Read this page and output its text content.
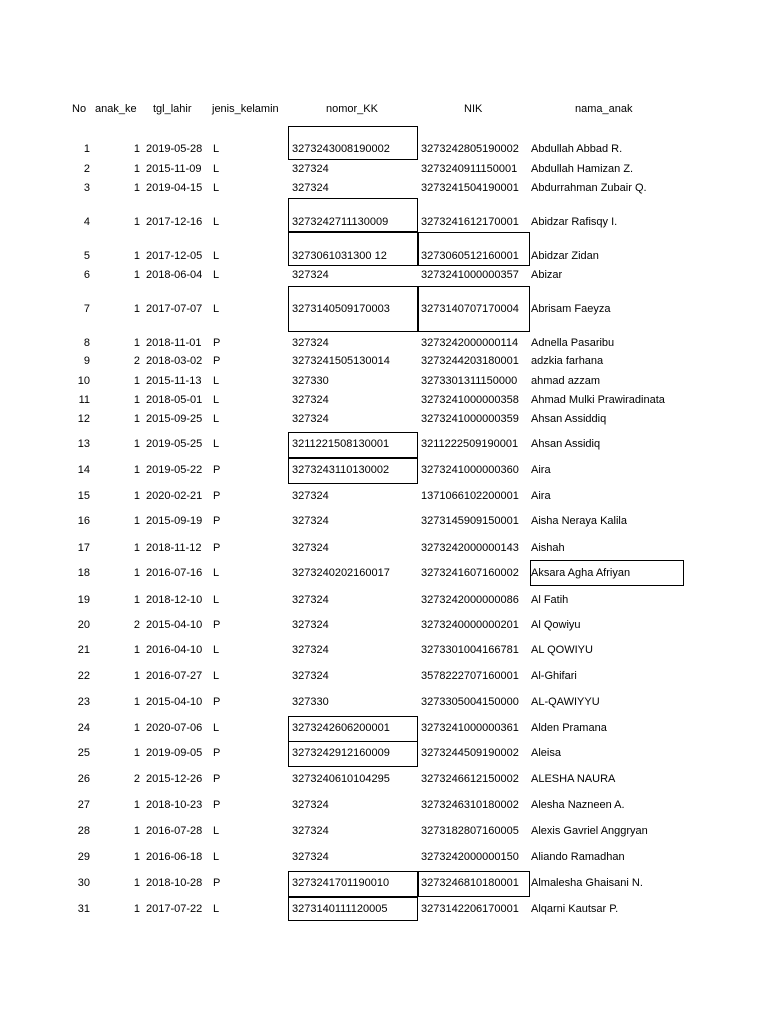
No anak_ke tgl_lahir jenis_kelamin	nomor_KK	NIK	nama_anak
1	1 2019-05-28 L	3273243008190002	3273242805190002	Abdullah Abbad R.
2	1 2015-11-09	L	327324	3273240911150001	Abdullah Hamizan Z.
3	1 2019-04-15 L	327324	3273241504190001	Abdurrahman Zubair Q.
4	1 2017-12-16 L	3273242711130009	3273241612170001	Abidzar Rafisqy I.
5	1 2017-12-05 L	3273061031300 12	3273060512160001	Abidzar Zidan
6	1 2018-06-04 L	327324	3273241000000357	Abizar
7	1 2017-07-07 L	3273140509170003	3273140707170004	Abrisam Faeyza
8	1 2018-11-01	P	327324	3273242000000114	Adnella Pasaribu
9	2 2018-03-02 P	3273241505130014	3273244203180001	adzkia farhana
10	1 2015-11-13	L	327330	3273301311150000	ahmad azzam
11	1 2018-05-01 L	327324	3273241000000358	Ahmad Mulki Prawiradinata
12	1 2015-09-25 L	327324	3273241000000359	Ahsan Assiddiq
13	1 2019-05-25 L	3211221508130001	3211222509190001	Ahsan Assidiq
14	1 2019-05-22 P	3273243110130002	3273241000000360	Aira
15	1 2020-02-21 P	327324	1371066102200001	Aira
16	1 2015-09-19 P	327324	3273145909150001	Aisha Neraya Kalila
17	1 2018-11-12	P	327324	3273242000000143	Aishah
18	1 2016-07-16 L	3273240202160017	3273241607160002	Aksara Agha Afriyan
19	1 2018-12-10 L	327324	3273242000000086	Al Fatih
20	2 2015-04-10 P	327324	3273240000000201	Al Qowiyu
21	1 2016-04-10 L	327324	3273301004166781	AL QOWIYU
22	1 2016-07-27 L	327324	3578222707160001	Al-Ghifari
23	1 2015-04-10 P	327330	3273305004150000	AL-QAWIYYU
24	1 2020-07-06 L	3273242606200001	3273241000000361	Alden Pramana
25	1 2019-09-05 P	3273242912160009	3273244509190002	Aleisa
26	2 2015-12-26 P	3273240610104295	3273246612150002	ALESHA NAURA
27	1 2018-10-23 P	327324	3273246310180002	Alesha Nazneen A.
28	1 2016-07-28 L	327324	3273182807160005	Alexis Gavriel Anggryan
29	1 2016-06-18 L	327324	3273242000000150	Aliando Ramadhan
30	1 2018-10-28 P	3273241701190010	3273246810180001	Almalesha Ghaisani N.
31	1 2017-07-22 L	3273140111120005	3273142206170001	Alqarni Kautsar P.
